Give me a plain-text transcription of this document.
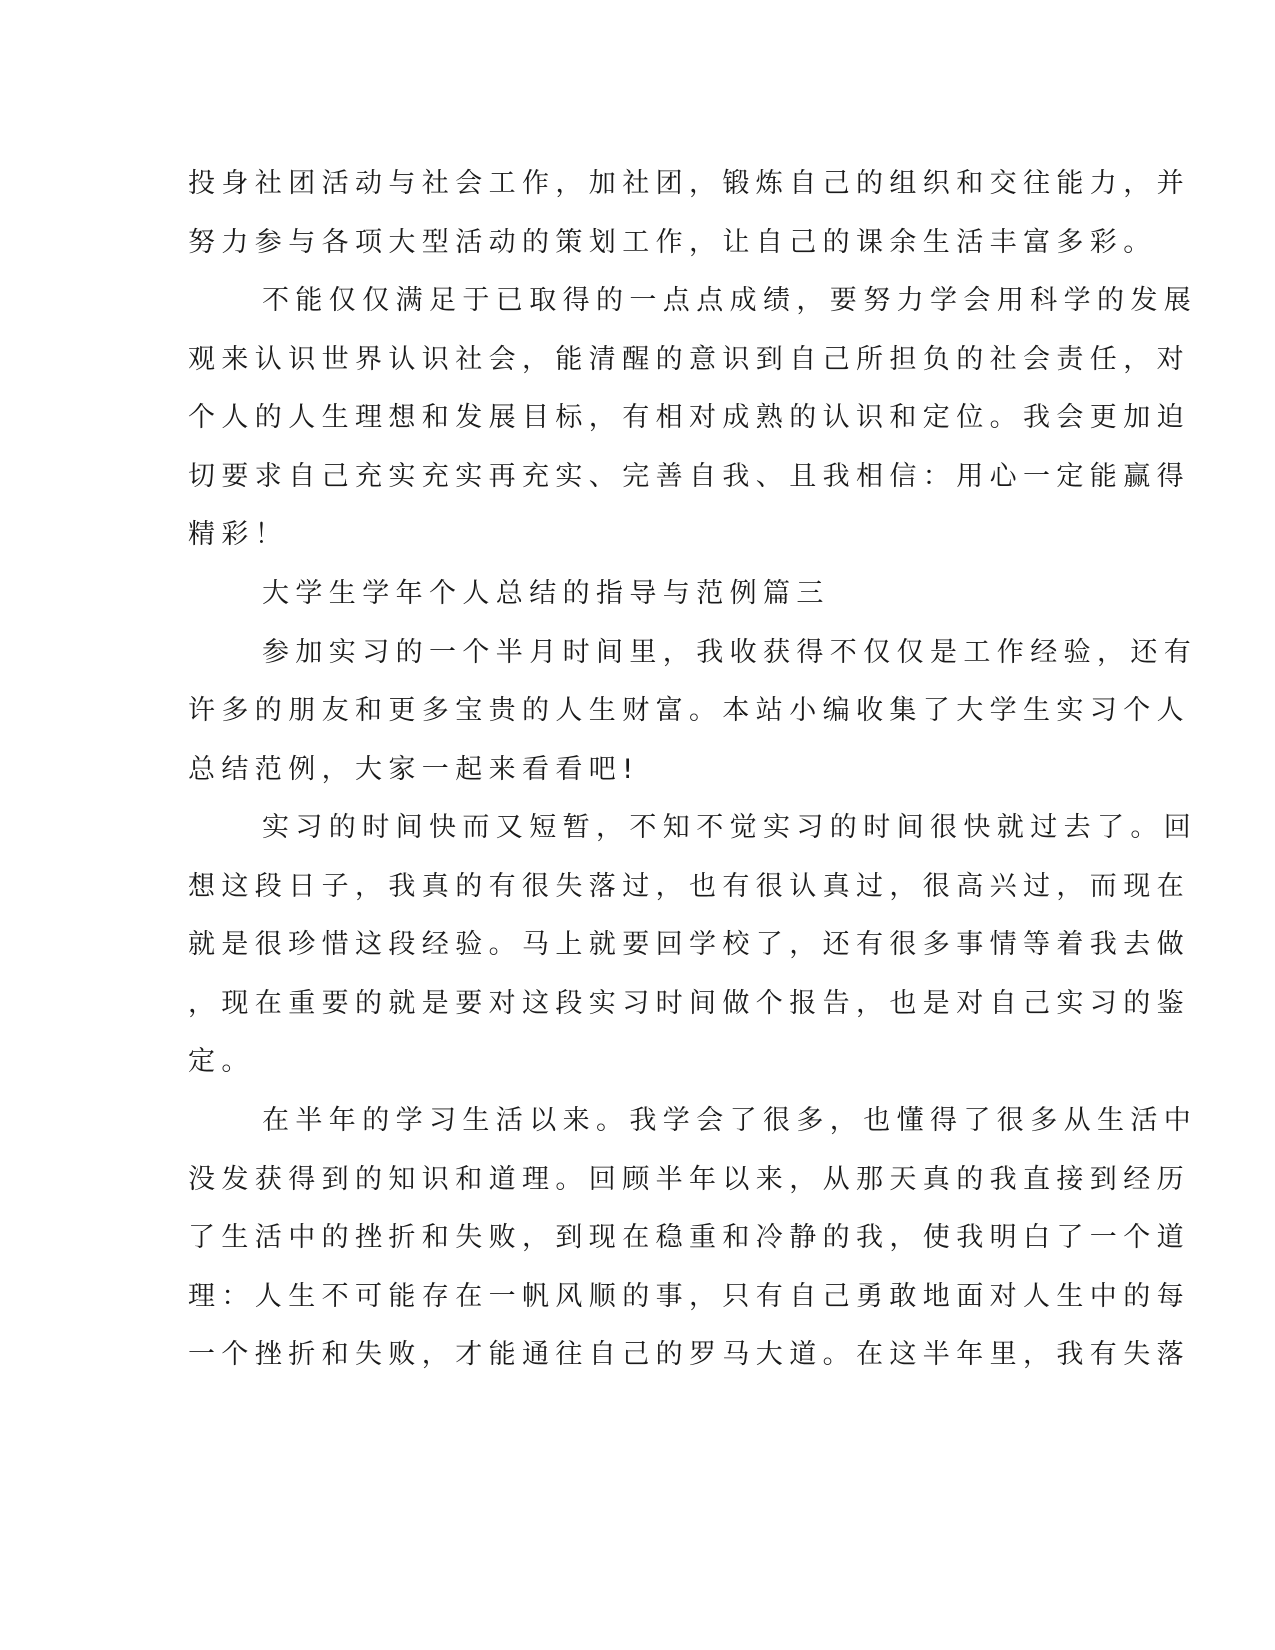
投身社团活动与社会工作，加社团，锻炼自己的组织和交往能力，并
努力参与各项大型活动的策划工作，让自己的课余生活丰富多彩。
不能仅仅满足于已取得的一点点成绩，要努力学会用科学的发展
观来认识世界认识社会，能清醒的意识到自己所担负的社会责任，对
个人的人生理想和发展目标，有相对成熟的认识和定位。我会更加迫
切要求自己充实充实再充实、完善自我、且我相信：用心一定能赢得
精彩！
大学生学年个人总结的指导与范例篇三
参加实习的一个半月时间里，我收获得不仅仅是工作经验，还有
许多的朋友和更多宝贵的人生财富。本站小编收集了大学生实习个人
总结范例，大家一起来看看吧!
实习的时间快而又短暂，不知不觉实习的时间很快就过去了。回
想这段日子，我真的有很失落过，也有很认真过，很高兴过，而现在
就是很珍惜这段经验。马上就要回学校了，还有很多事情等着我去做
，现在重要的就是要对这段实习时间做个报告，也是对自己实习的鉴
定。
在半年的学习生活以来。我学会了很多，也懂得了很多从生活中
没发获得到的知识和道理。回顾半年以来，从那天真的我直接到经历
了生活中的挫折和失败，到现在稳重和冷静的我，使我明白了一个道
理：人生不可能存在一帆风顺的事，只有自己勇敢地面对人生中的每
一个挫折和失败，才能通往自己的罗马大道。在这半年里，我有失落
